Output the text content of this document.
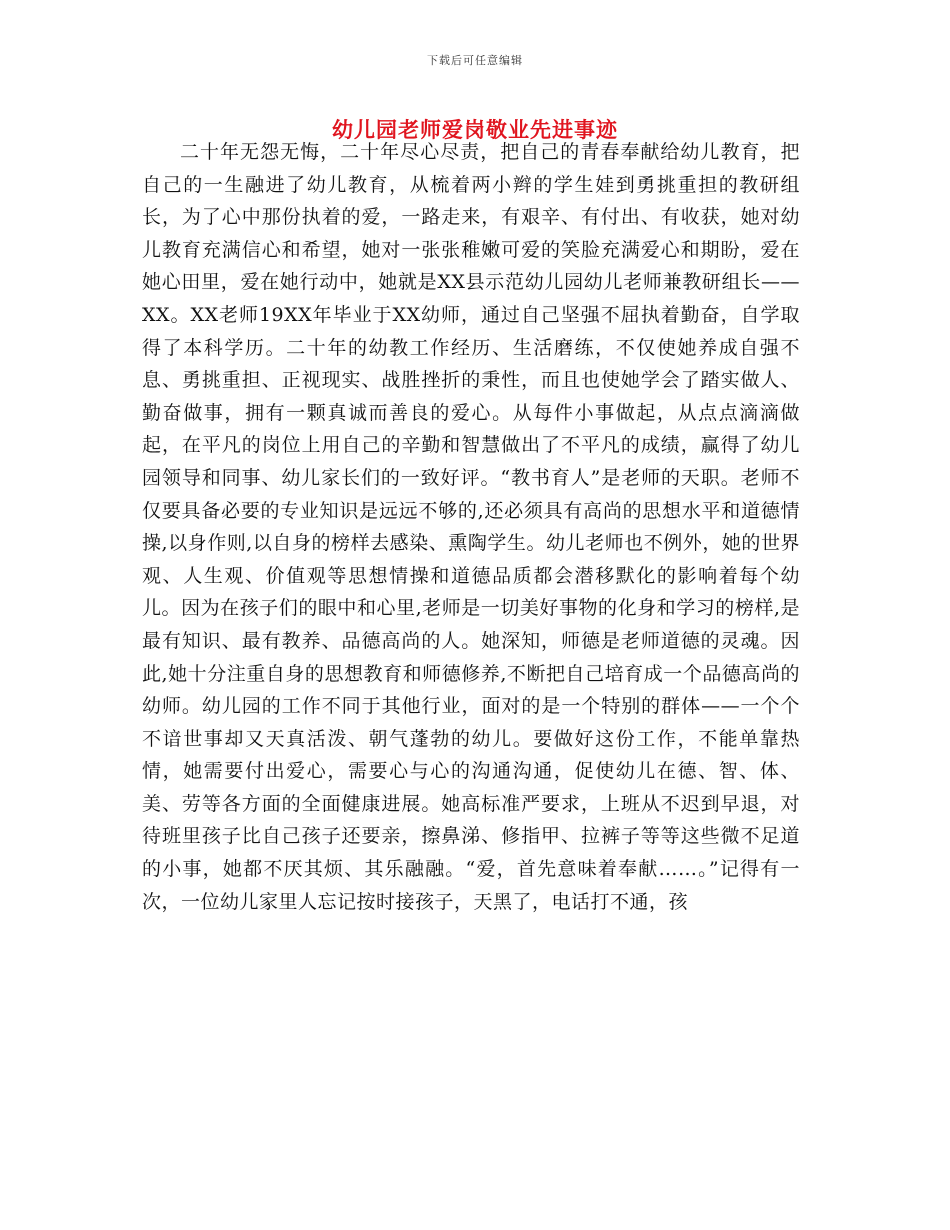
下载后可任意编辑
幼儿园老师爱岗敬业先进事迹

二十年无怨无悔，二十年尽心尽责，把自己的青春奉献给幼儿教育，把自己的一生融进了幼儿教育，从梳着两小辫的学生娃到勇挑重担的教研组长，为了心中那份执着的爱，一路走来，有艰辛、有付出、有收获，她对幼儿教育充满信心和希望，她对一张张稚嫩可爱的笑脸充满爱心和期盼，爱在她心田里，爱在她行动中，她就是XX县示范幼儿园幼儿老师兼教研组长——XX。XX老师19XX年毕业于XX幼师，通过自己坚强不屈执着勤奋，自学取得了本科学历。二十年的幼教工作经历、生活磨练，不仅使她养成自强不息、勇挑重担、正视现实、战胜挫折的秉性，而且也使她学会了踏实做人、勤奋做事，拥有一颗真诚而善良的爱心。从每件小事做起，从点点滴滴做起，在平凡的岗位上用自己的辛勤和智慧做出了不平凡的成绩，赢得了幼儿园领导和同事、幼儿家长们的一致好评。“教书育人”是老师的天职。老师不仅要具备必要的专业知识是远远不够的,还必须具有高尚的思想水平和道德情操,以身作则,以自身的榜样去感染、熏陶学生。幼儿老师也不例外，她的世界观、人生观、价值观等思想情操和道德品质都会潜移默化的影响着每个幼儿。因为在孩子们的眼中和心里,老师是一切美好事物的化身和学习的榜样,是最有知识、最有教养、品德高尚的人。她深知，师德是老师道德的灵魂。因此,她十分注重自身的思想教育和师德修养,不断把自己培育成一个品德高尚的幼师。幼儿园的工作不同于其他行业，面对的是一个特别的群体——一个个不谙世事却又天真活泼、朝气蓬勃的幼儿。要做好这份工作，不能单靠热情，她需要付出爱心，需要心与心的沟通沟通，促使幼儿在德、智、体、美、劳等各方面的全面健康进展。她高标准严要求，上班从不迟到早退，对待班里孩子比自己孩子还要亲，擦鼻涕、修指甲、拉裤子等等这些微不足道的小事，她都不厌其烦、其乐融融。“爱，首先意味着奉献……。”记得有一次，一位幼儿家里人忘记按时接孩子，天黑了，电话打不通，孩
